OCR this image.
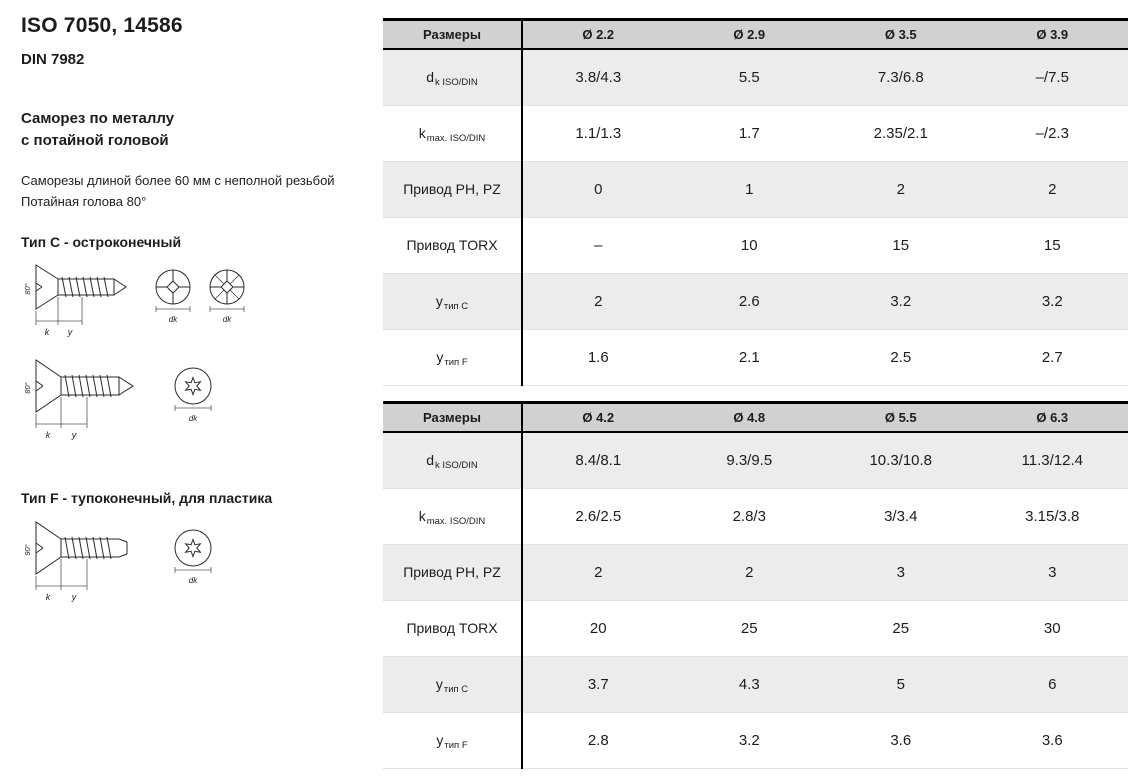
ISO 7050, 14586
DIN 7982
Саморез по металлу
с потайной головой
Саморезы длиной более 60 мм с неполной резьбой
Потайная голова 80°
Тип C - остроконечный
80°
k y
dk	dk
80°
k y
dk
Тип F - тупоконечный, для пластика
90°
k y
dk
Размеры	Ø 2.2	Ø 2.9	Ø 3.5	Ø 3.9
$d_{k ISO/DIN}$	3.8/4.3	5.5	7.3/6.8	–/7.5
$k_{max. ISO/DIN}$	1.1/1.3	1.7	2.35/2.1	–/2.3
Привод PH, PZ	0	1	2	2
Привод TORX	–	10	15	15
$y_{тип C}$	2	2.6	3.2	3.2
$y_{тип F}$	1.6	2.1	2.5	2.7
Размеры	Ø 4.2	Ø 4.8	Ø 5.5	Ø 6.3
$d_{k ISO/DIN}$	8.4/8.1	9.3/9.5	10.3/10.8	11.3/12.4
$k_{max. ISO/DIN}$	2.6/2.5	2.8/3	3/3.4	3.15/3.8
Привод PH, PZ	2	2	3	3
Привод TORX	20	25	25	30
$y_{тип C}$	3.7	4.3	5	6
$y_{тип F}$	2.8	3.2	3.6	3.6
